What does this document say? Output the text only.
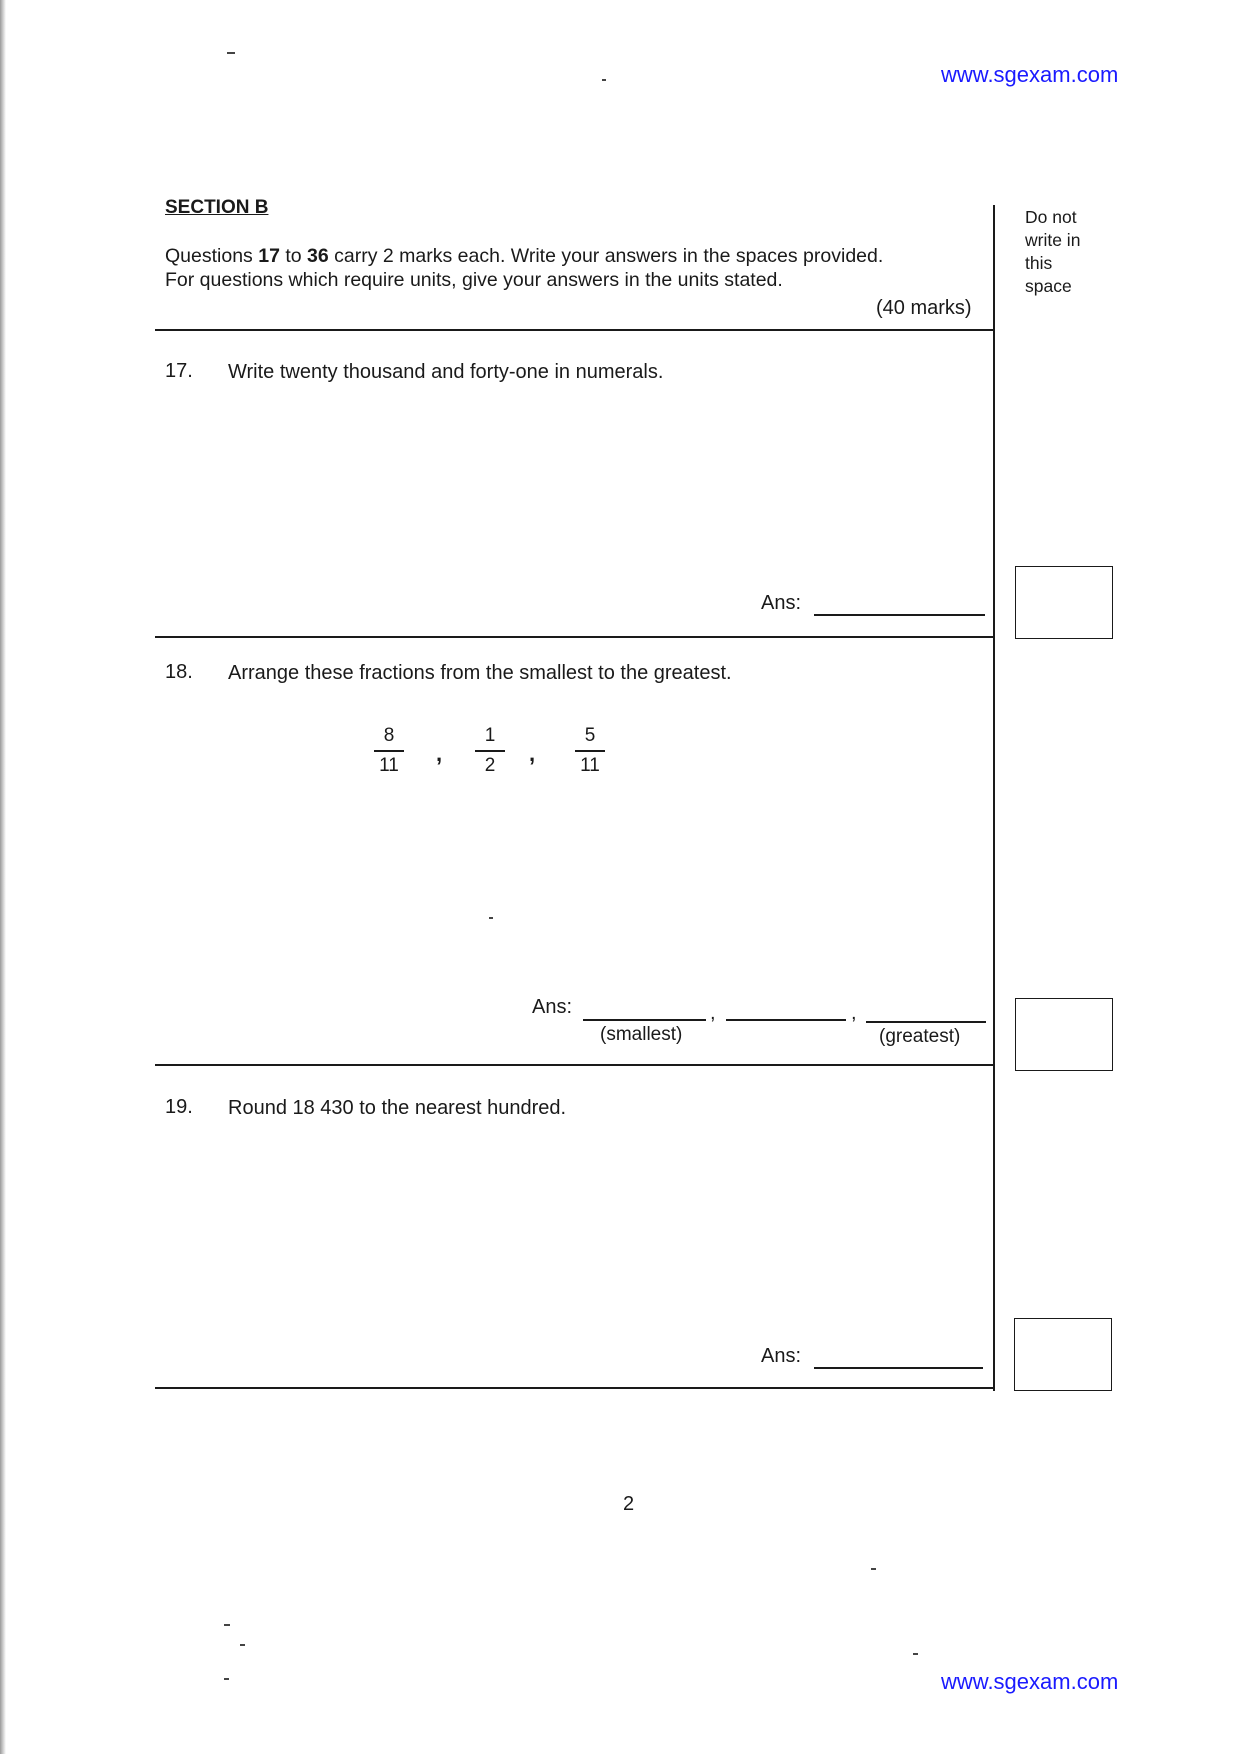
www.sgexam.com
SECTION B
Questions 17 to 36 carry 2 marks each. Write your answers in the spaces provided.
For questions which require units, give your answers in the units stated.
(40 marks)
Do not
write in
this
space
17. Write twenty thousand and forty-one in numerals.
Ans:
18. Arrange these fractions from the smallest to the greatest.
8
11 ,
1
2	,
5
11
Ans:	,	,
(smallest)	(greatest)
19. Round 18 430 to the nearest hundred.
Ans:
2
www.sgexam.com
